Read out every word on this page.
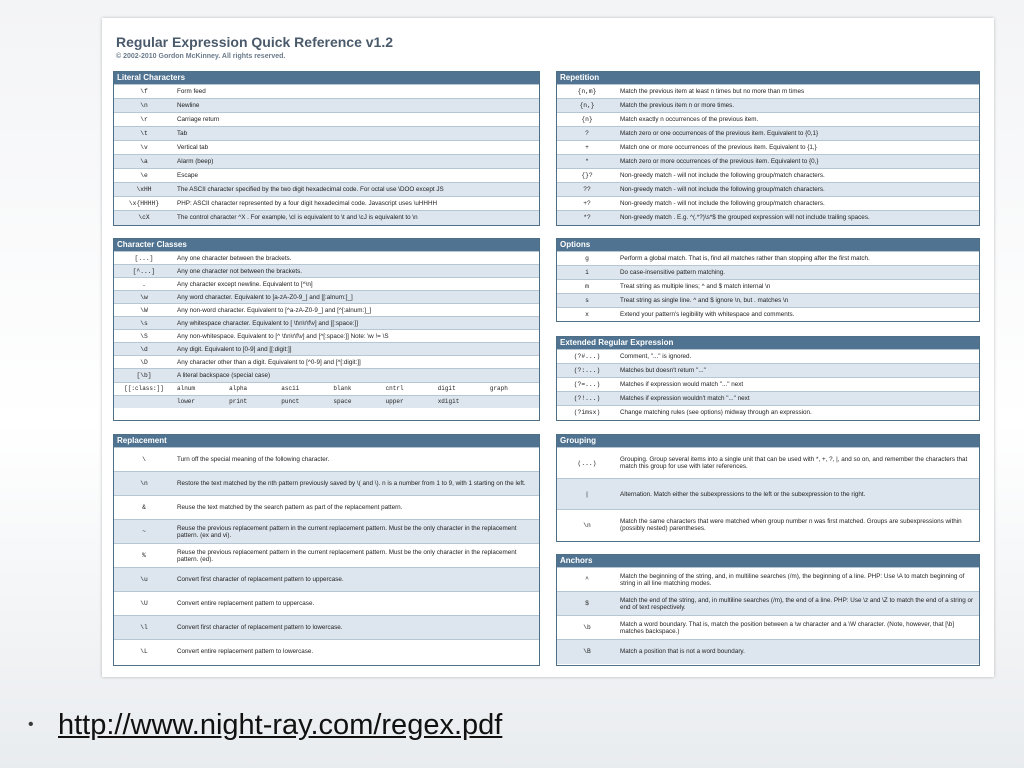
Regular Expression Quick Reference v1.2
© 2002-2010 Gordon McKinney. All rights reserved.
Literal Characters
\f	Form feed
\n	Newline
\r	Carriage return
\t	Tab
\v	Vertical tab
\a	Alarm (beep)
\e	Escape
\xHH	The ASCII character specified by the two digit hexadecimal code. For octal use \DOO except JS
\x{HHHH}	PHP: ASCII character represented by a four digit hexadecimal code. Javascript uses \uHHHH
\cX	The control character ^X . For example, \cI is equivalent to \t and \cJ is equivalent to \n
Repetition
{n,m}	Match the previous item at least n times but no more than m times
{n,}	Match the previous item n or more times.
{n}	Match exactly n occurrences of the previous item.
?	Match zero or one occurrences of the previous item. Equivalent to {0,1}
+	Match one or more occurrences of the previous item. Equivalent to {1,}
*	Match zero or more occurrences of the previous item. Equivalent to {0,}
{}?	Non-greedy match - will not include the following group/match characters.
??	Non-greedy match - will not include the following group/match characters.
+?	Non-greedy match - will not include the following group/match characters.
*?	Non-greedy match . E.g. ^(.*?)\s*$ the grouped expression will not include trailing spaces.
Character Classes
[...]	Any one character between the brackets.
[^...]	Any one character not between the brackets.
.	Any character except newline. Equivalent to [^\n]
\w	Any word character. Equivalent to [a-zA-Z0-9_] and [[:alnum:]_]
\W	Any non-word character. Equivalent to [^a-zA-Z0-9_] and [^[:alnum:]_]
\s	Any whitespace character. Equivalent to [ \t\n\r\f\v] and [[:space:]]
\S	Any non-whitespace. Equivalent to [^ \t\n\r\f\v] and [^[:space:]] Note: \w != \S
\d	Any digit. Equivalent to [0-9] and [[:digit:]]
\D	Any character other than a digit. Equivalent to [^0-9] and [^[:digit:]]
[\b]	A literal backspace (special case)
[[:class:]]	alnum	alpha	ascii	blank	cntrl	digit	graph
	lower	print	punct	space	upper	xdigit	
Options
g	Perform a global match. That is, find all matches rather than stopping after the first match.
i	Do case-insensitive pattern matching.
m	Treat string as multiple lines; ^ and $ match internal \n
s	Treat string as single line. ^ and $ ignore \n, but . matches \n
x	Extend your pattern's legibility with whitespace and comments.
Extended Regular Expression
(?#...)	Comment, "..." is ignored.
(?:...)	Matches but doesn't return "..."
(?=...)	Matches if expression would match "..." next
(?!...)	Matches if expression wouldn't match "..." next
(?imsx)	Change matching rules (see options) midway through an expression.
Replacement
\	Turn off the special meaning of the following character.
\n	Restore the text matched by the nth pattern previously saved by \( and \). n is a number from 1 to 9, with 1 starting on the left.
&	Reuse the text matched by the search pattern as part of the replacement pattern.
~	Reuse the previous replacement pattern in the current replacement pattern. Must be the only character in the replacement pattern. (ex and vi).
%	Reuse the previous replacement pattern in the current replacement pattern. Must be the only character in the replacement pattern. (ed).
\u	Convert first character of replacement pattern to uppercase.
\U	Convert entire replacement pattern to uppercase.
\l	Convert first character of replacement pattern to lowercase.
\L	Convert entire replacement pattern to lowercase.
Grouping
(...)	Grouping. Group several items into a single unit that can be used with *, +, ?, |, and so on, and remember the characters that match this group for use with later references.
|	Alternation. Match either the subexpressions to the left or the subexpression to the right.
\n	Match the same characters that were matched when group number n was first matched. Groups are subexpressions within (possibly nested) parentheses.
Anchors
^	Match the beginning of the string, and, in multiline searches (/m), the beginning of a line. PHP: Use \A to match beginning of string in all line matching modes.
$	Match the end of the string, and, in multiline searches (/m), the end of a line. PHP: Use \z and \Z to match the end of a string or end of text respectively.
\b	Match a word boundary. That is, match the position between a \w character and a \W character. (Note, however, that [\b] matches backspace.)
\B	Match a position that is not a word boundary.
• http://www.night-ray.com/regex.pdf
